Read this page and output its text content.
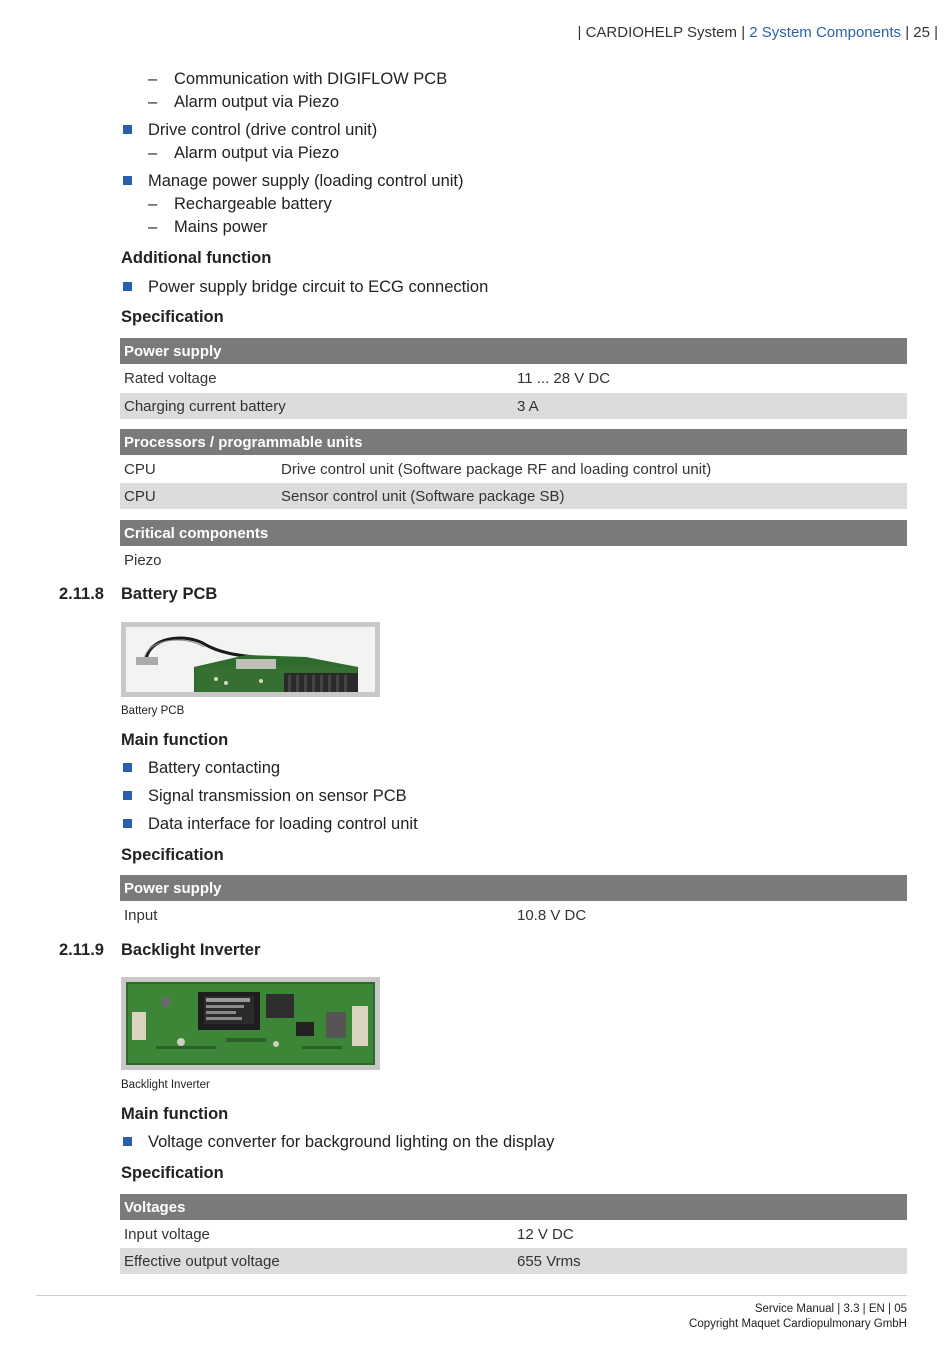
| CARDIOHELP System | 2 System Components | 25 |
– Communication with DIGIFLOW PCB
– Alarm output via Piezo
Drive control (drive control unit)
– Alarm output via Piezo
Manage power supply (loading control unit)
– Rechargeable battery
– Mains power
Additional function
Power supply bridge circuit to ECG connection
Specification
Power supply
Rated voltage	11 ... 28 V DC
Charging current battery	3 A
Processors / programmable units
CPU	Drive control unit (Software package RF and loading control unit)
CPU	Sensor control unit (Software package SB)
Critical components
Piezo
2.11.8 Battery PCB
Battery PCB
Main function
Battery contacting
Signal transmission on sensor PCB
Data interface for loading control unit
Specification
Power supply
Input	10.8 V DC
2.11.9 Backlight Inverter
Backlight Inverter
Main function
Voltage converter for background lighting on the display
Specification
Voltages
Input voltage	12 V DC
Effective output voltage	655 Vrms
Service Manual | 3.3 | EN | 05
Copyright Maquet Cardiopulmonary GmbH
